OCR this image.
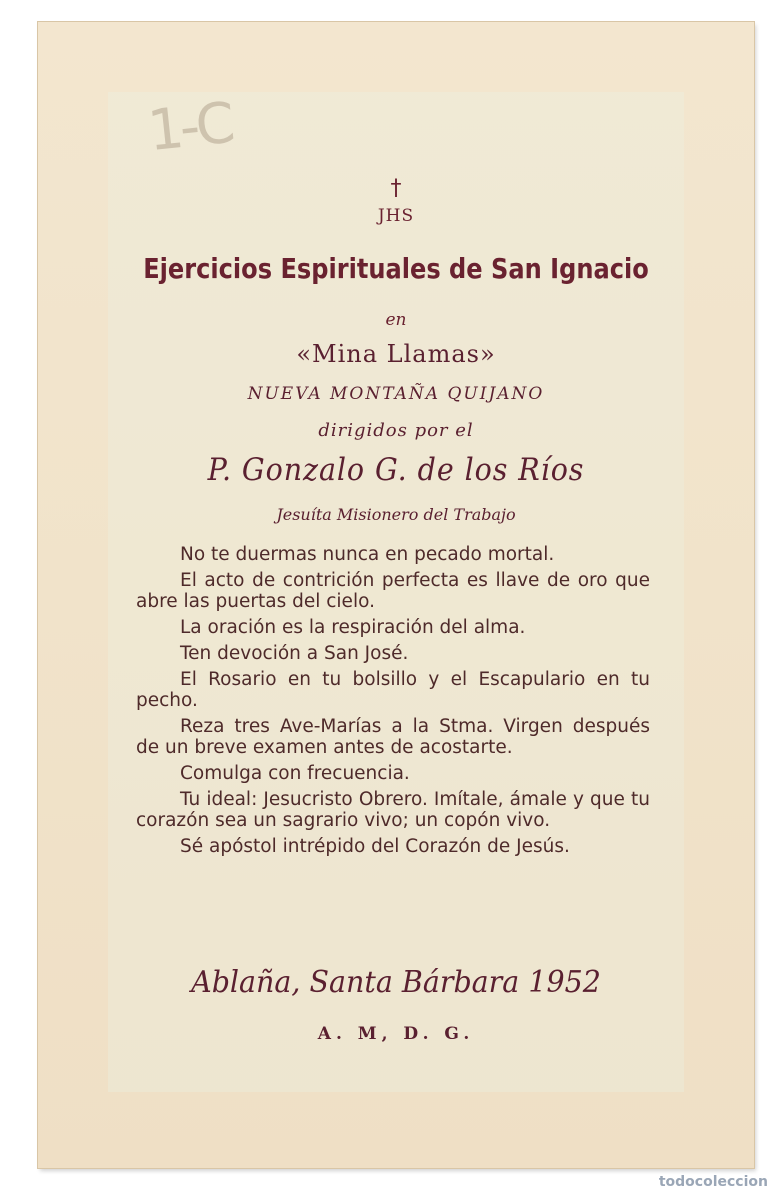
1-C
†
JHS
Ejercicios Espirituales de San Ignacio
en
«Mina Llamas»
NUEVA MONTAÑA QUIJANO
dirigidos por el
P. Gonzalo G. de los Ríos
Jesuíta Misionero del Trabajo

No te duermas nunca en pecado mortal.

El acto de contrición perfecta es llave de oro que abre las puertas del cielo.

La oración es la respiración del alma.

Ten devoción a San José.

El Rosario en tu bolsillo y el Escapulario en tu pecho.

Reza tres Ave-Marías a la Stma. Virgen después de un breve examen antes de acostarte.

Comulga con frecuencia.

Tu ideal: Jesucristo Obrero. Imítale, ámale y que tu corazón sea un sagrario vivo; un copón vivo.

Sé apóstol intrépido del Corazón de Jesús.

Ablaña, Santa Bárbara 1952
A. M, D. G.
todocoleccion
